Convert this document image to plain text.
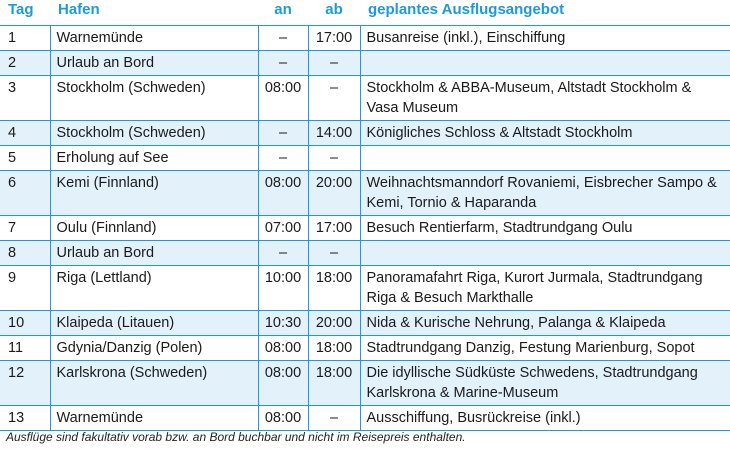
Tag	Hafen	an	ab	geplantes Ausflugsangebot
1	Warnemünde	–	17:00	Busanreise (inkl.), Einschiffung
2	Urlaub an Bord	–	–	
3	Stockholm (Schweden)	08:00	–	Stockholm & ABBA-Museum, Altstadt Stockholm &
Vasa Museum
4	Stockholm (Schweden)	–	14:00	Königliches Schloss & Altstadt Stockholm
5	Erholung auf See	–	–	
6	Kemi (Finnland)	08:00	20:00	Weihnachtsmanndorf Rovaniemi, Eisbrecher Sampo &
Kemi, Tornio & Haparanda
7	Oulu (Finnland)	07:00	17:00	Besuch Rentierfarm, Stadtrundgang Oulu
8	Urlaub an Bord	–	–	
9	Riga (Lettland)	10:00	18:00	Panoramafahrt Riga, Kurort Jurmala, Stadtrundgang
Riga & Besuch Markthalle
10	Klaipeda (Litauen)	10:30	20:00	Nida & Kurische Nehrung, Palanga & Klaipeda
11	Gdynia/Danzig (Polen)	08:00	18:00	Stadtrundgang Danzig, Festung Marienburg, Sopot
12	Karlskrona (Schweden)	08:00	18:00	Die idyllische Südküste Schwedens, Stadtrundgang
Karlskrona & Marine-Museum
13	Warnemünde	08:00	–	Ausschiffung, Busrückreise (inkl.)
Ausflüge sind fakultativ vorab bzw. an Bord buchbar und nicht im Reisepreis enthalten.
